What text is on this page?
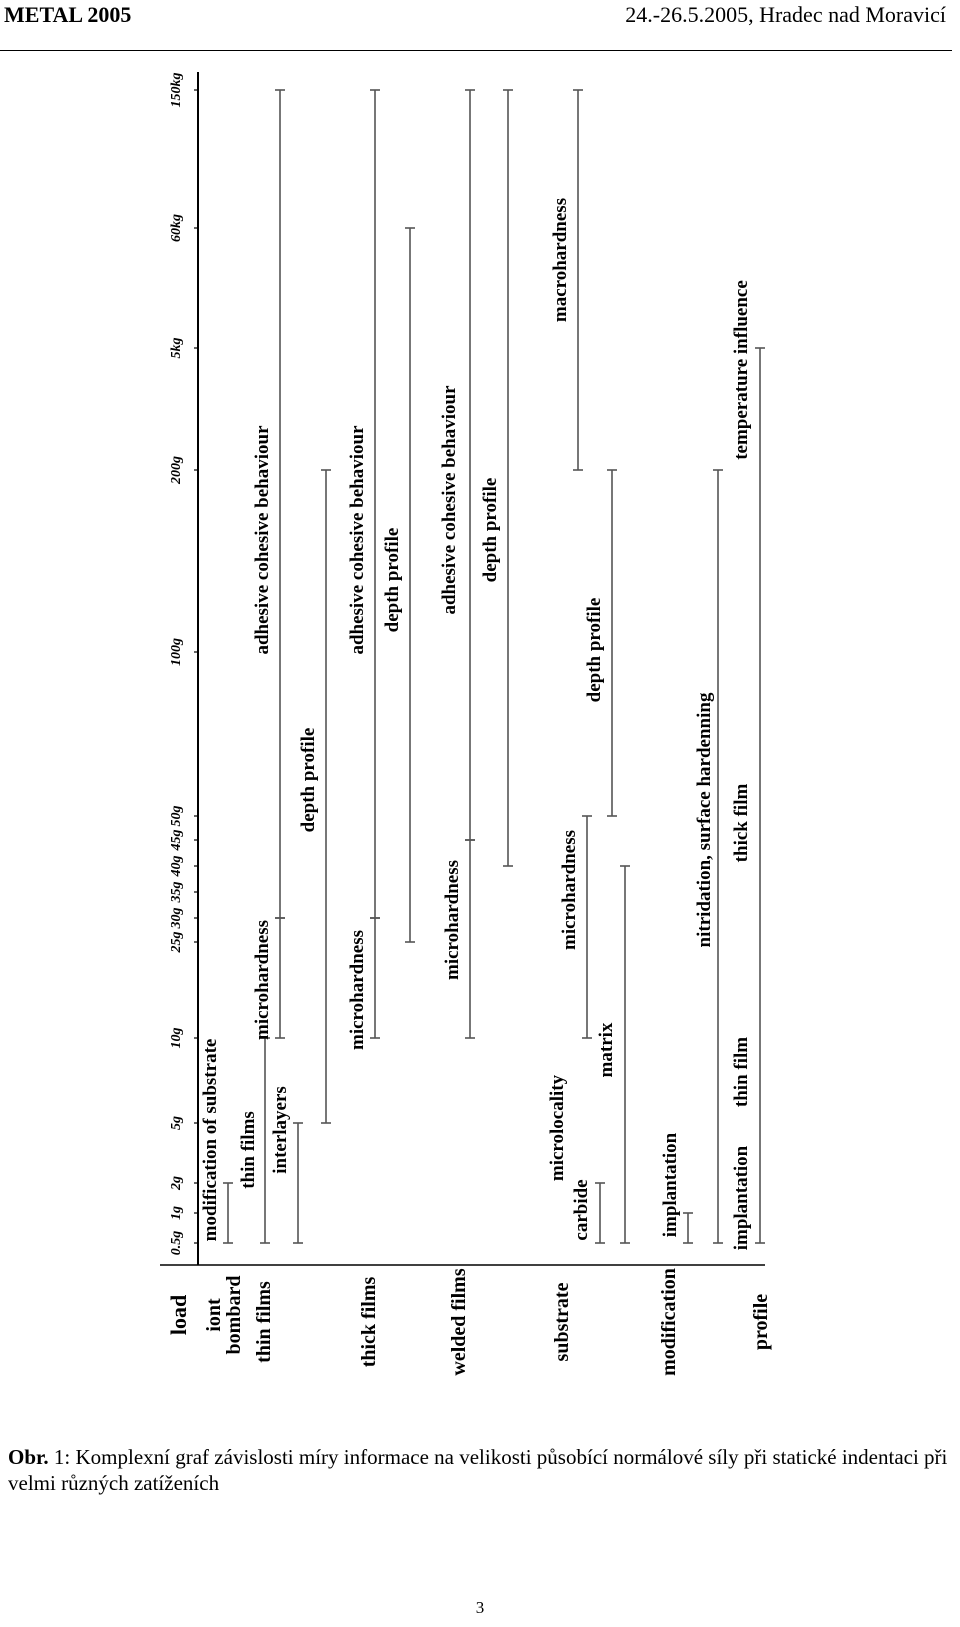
METAL 2005	24.-26.5.2005, Hradec nad Moravicí
0.5g
1g
2g
5g
10g
25g
30g
35g
40g
45g
50g
100g
200g
5kg
60kg
150kg
load iont
bombard thin films	thick films	welded films	substrate	modification	profile
modification of substrate thin films interlayers
microhardness
adhesive cohesive behaviour
depth profile
microhardness
adhesive cohesive behaviour depth profile
microhardness
adhesive cohesive behaviour depth profile
carbide
matrix
microlocality
microhardness
depth profile
macrohardness
implantation
nitridation, surface hardenning
implantation
thin film
thick film
temperature influence
Obr. 1: Komplexní graf závislosti míry informace na velikosti působící normálové síly při statické indentaci při velmi různých zatíženích
3
